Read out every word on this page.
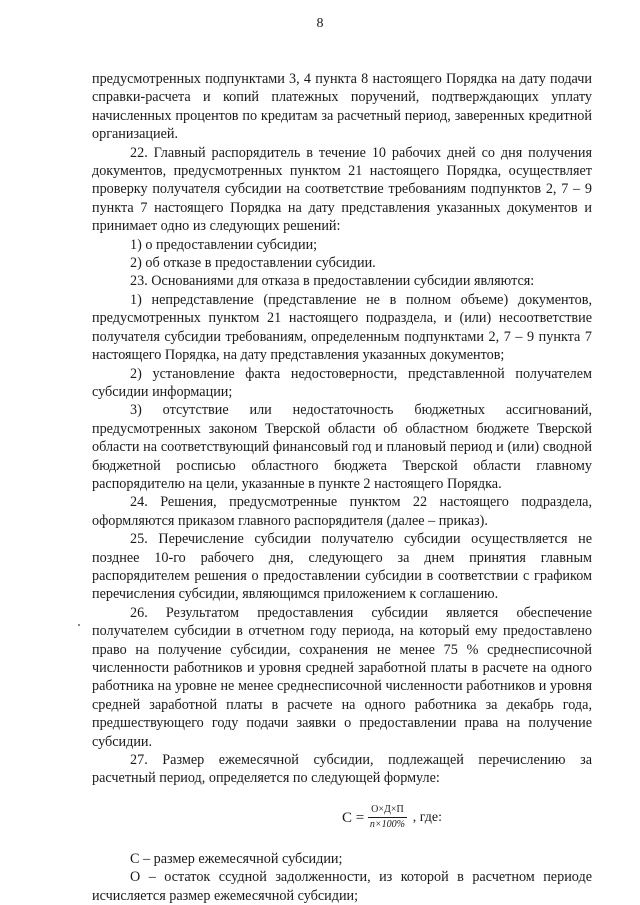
8

предусмотренных подпунктами 3, 4 пункта 8 настоящего Порядка на дату подачи справки-расчета и копий платежных поручений, подтверждающих уплату начисленных процентов по кредитам за расчетный период, заверенных кредитной организацией.

22. Главный распорядитель в течение 10 рабочих дней со дня получения документов, предусмотренных пунктом 21 настоящего Порядка, осуществляет проверку получателя субсидии на соответствие требованиям подпунктов 2, 7 – 9 пункта 7 настоящего Порядка на дату представления указанных документов и принимает одно из следующих решений:

1) о предоставлении субсидии;

2) об отказе в предоставлении субсидии.

23. Основаниями для отказа в предоставлении субсидии являются:

1) непредставление (представление не в полном объеме) документов, предусмотренных пунктом 21 настоящего подраздела, и (или) несоответствие получателя субсидии требованиям, определенным подпунктами 2, 7 – 9 пункта 7 настоящего Порядка, на дату представления указанных документов;

2) установление факта недостоверности, представленной получателем субсидии информации;

3) отсутствие или недостаточность бюджетных ассигнований, предусмотренных законом Тверской области об областном бюджете Тверской области на соответствующий финансовый год и плановый период и (или) сводной бюджетной росписью областного бюджета Тверской области главному распорядителю на цели, указанные в пункте 2 настоящего Порядка.

24. Решения, предусмотренные пунктом 22 настоящего подраздела, оформляются приказом главного распорядителя (далее – приказ).

25. Перечисление субсидии получателю субсидии осуществляется не позднее 10-го рабочего дня, следующего за днем принятия главным распорядителем решения о предоставлении субсидии в соответствии с графиком перечисления субсидии, являющимся приложением к соглашению.

26. Результатом предоставления субсидии является обеспечение получателем субсидии в отчетном году периода, на который ему предоставлено право на получение субсидии, сохранения не менее 75 % среднесписочной численности работников и уровня средней заработной платы в расчете на одного работника на уровне не менее среднесписочной численности работников и уровня средней заработной платы в расчете на одного работника за декабрь года, предшествующего году подачи заявки о предоставлении права на получение субсидии.

27. Размер ежемесячной субсидии, подлежащей перечислению за расчетный период, определяется по следующей формуле:

$С = \frac{О\times Д\times П}{n\times 100\%}$ , где:

С – размер ежемесячной субсидии;

О – остаток ссудной задолженности, из которой в расчетном периоде исчисляется размер ежемесячной субсидии;
